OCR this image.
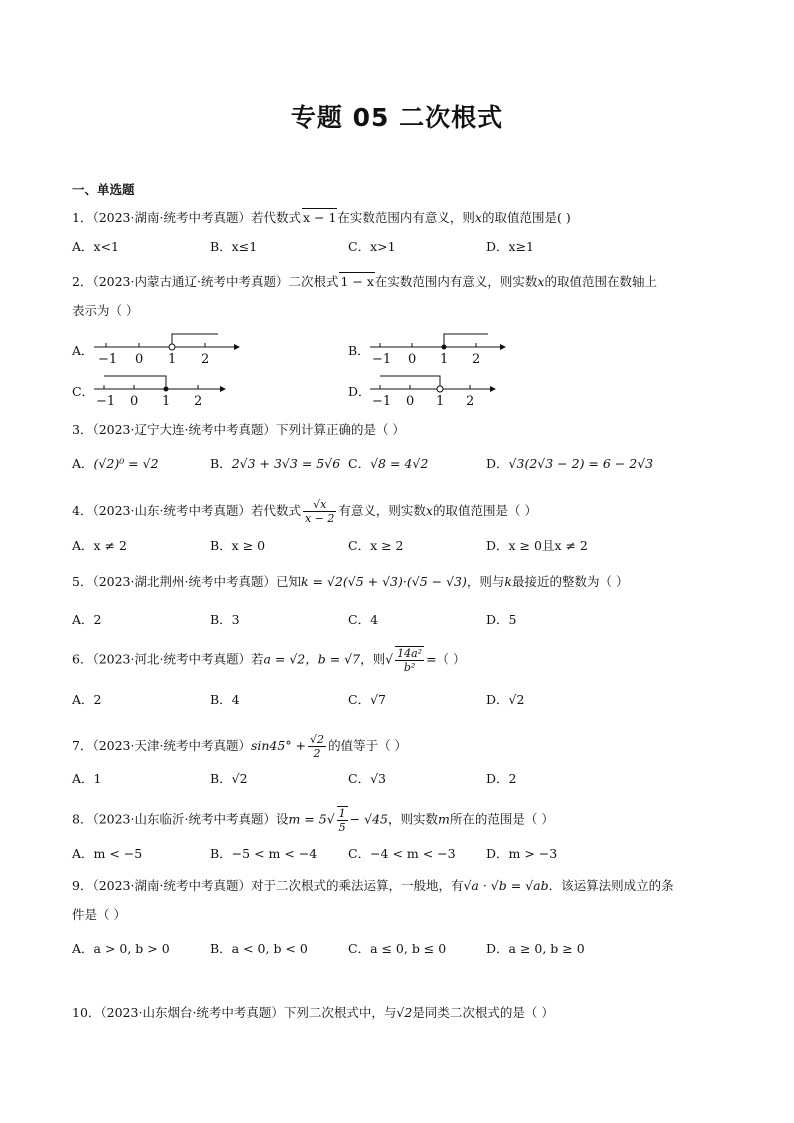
专题 05 二次根式
一、单选题
1．（2023·湖南·统考中考真题）若代数式 x − 1在实数范围内有意义，则x的取值范围是( )
A．x<1	B．x≤1	C．x>1	D．x≥1
2．（2023·内蒙古通辽·统考中考真题）二次根式 1 − x在实数范围内有意义，则实数x的取值范围在数轴上
表示为（ ）
A．	B．
C．	D．
−1 0 1 2	−1 0 1 2
−1 0 1 2	−1 0 1 2
3．（2023·辽宁大连·统考中考真题）下列计算正确的是（ ）
A．(√2)⁰ = √2	B．2√3 + 3√3 = 5√6 C．√8 = 4√2	D．√3(2√3 − 2) = 6 − 2√3
4．（2023·山东·统考中考真题）若代数式 $\frac{√x}{x - 2}$ 有意义，则实数x的取值范围是（ ）
A．x ≠ 2	B．x ≥ 0	C．x ≥ 2	D．x ≥ 0且x ≠ 2
5．（2023·湖北荆州·统考中考真题）已知k = √2(√5 + √3)·(√5 − √3)，则与k最接近的整数为（ ）
A．2	B．3	C．4	D．5
6．（2023·河北·统考中考真题）若a = √2，b = √7，则√ $\frac{\text{14a²}}{\text{b²}}$ =（ ）
A．2	B．4	C．√7	D．√2
7．（2023·天津·统考中考真题）$\sin 45^\circ + \frac{√2}{2}$ 的值等于（ ）
A．1	B．√2	C．√3	D．2
8．（2023·山东临沂·统考中考真题）设$m = 5√ \frac{1}{5} - √45$，则实数m所在的范围是（ ）
A．m < −5	B．−5 < m < −4 C．−4 < m < −3 D．m > −3
9．（2023·湖南·统考中考真题）对于二次根式的乘法运算，一般地，有√a · √b = √ab．该运算法则成立的条
件是（ ）
A．a > 0, b > 0	B．a < 0, b < 0	C．a ≤ 0, b ≤ 0	D．a ≥ 0, b ≥ 0
10．（2023·山东烟台·统考中考真题）下列二次根式中，与√2是同类二次根式的是（ ）
